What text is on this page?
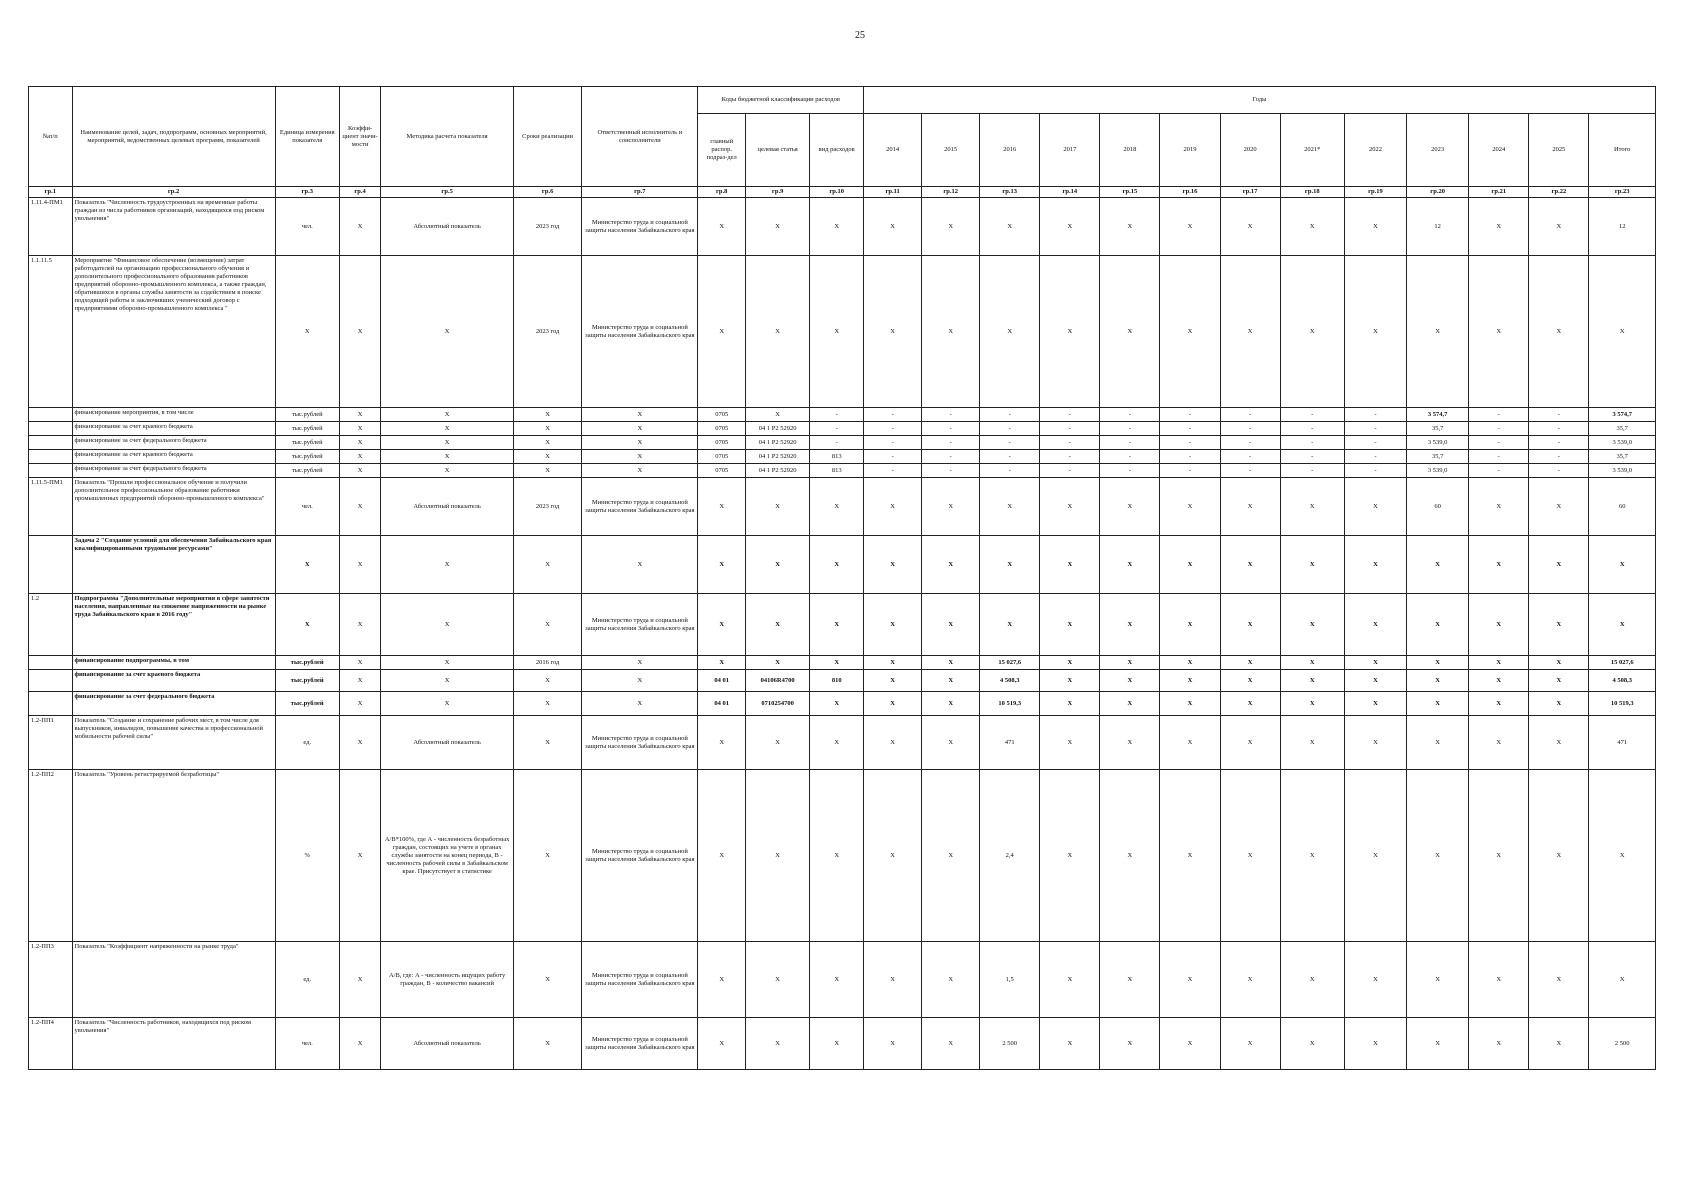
25
№п/п	Наименование целей, задач, подпрограмм, основных мероприятий, мероприятий, ведомственных целевых программ, показателей	Единица измерения показателя	Коэффи-циент значи-мости	Методика расчета показателя	Сроки реализации	Ответственный исполнитель и соисполнители	Коды бюджетной классификации расходов			Годы												
							главный распор. подраз-дел	целевая статья	вид расходов	2014	2015	2016	2017	2018	2019	2020	2021*	2022	2023	2024	2025	Итого
гр.1	гр.2	гр.3	гр.4	гр.5	гр.6	гр.7	гр.8	гр.9	гр.10	гр.11	гр.12	гр.13	гр.14	гр.15	гр.16	гр.17	гр.18	гр.19	гр.20	гр.21	гр.22	гр.23
1.11.4-ПМ1	Показатель "Численность трудоустроенных на временные работы граждан из числа работников организаций, находящихся под риском увольнения"	чел.	Х	Абсолютный показатель	2023 год	Министерство труда и социальной защиты населения Забайкальского края	Х	Х	Х	Х	Х	Х	Х	Х	Х	Х	Х	Х	12	Х	Х	12
1.1.11.5	Мероприятие "Финансовое обеспечение (возмещение) затрат работодателей на организацию профессионального обучения и дополнительного профессионального образования работников предприятий оборонно-промышленного комплекса, а также граждан, обратившихся в органы службы занятости за содействием в поиске подходящей работы и заключивших ученический договор с предприятиями оборонно-промышленного комплекса "	Х	Х	Х	2023 год	Министерство труда и социальной защиты населения Забайкальского края	Х	Х	Х	Х	Х	Х	Х	Х	Х	Х	Х	Х	Х	Х	Х	Х
	финансирование мероприятия, в том числе	тыс.рублей	Х	Х	Х	Х	0705	Х	-	-	-	-	-	-	-	-	-	-	3 574,7	-	-	3 574,7
	финансирование за счет краевого бюджета	тыс.рублей	Х	Х	Х	Х	0705	04 1 Р2 52920	-	-	-	-	-	-	-	-	-	-	35,7	-	-	35,7
	финансирование за счет федерального бюджета	тыс.рублей	Х	Х	Х	Х	0705	04 1 Р2 52920	-	-	-	-	-	-	-	-	-	-	3 539,0	-	-	3 539,0
	финансирование за счет краевого бюджета	тыс.рублей	Х	Х	Х	Х	0705	04 1 Р2 52920	813	-	-	-	-	-	-	-	-	-	35,7	-	-	35,7
	финансирование за счет федерального бюджета	тыс.рублей	Х	Х	Х	Х	0705	04 1 Р2 52920	813	-	-	-	-	-	-	-	-	-	3 539,0	-	-	3 539,0
1.11.5-ПМ1	Показатель "Прошли профессиональное обучение и получили дополнительное профессиональное образование работники промышленных предприятий оборонно-промышленного комплекса"	чел.	Х	Абсолютный показатель	2023 год	Министерство труда и социальной защиты населения Забайкальского края	Х	Х	Х	Х	Х	Х	Х	Х	Х	Х	Х	Х	60	Х	Х	60
	Задача 2 "Создание условий для обеспечения Забайкальского края квалифицированными трудовыми ресурсами"	Х	Х	Х	Х	Х	Х	Х	Х	Х	Х	Х	Х	Х	Х	Х	Х	Х	Х	Х	Х	Х
1.2	Подпрограмма "Дополнительные мероприятия в сфере занятости населения, направленные на снижение напряженности на рынке труда Забайкальского края в 2016 году"	Х	Х	Х	Х	Министерство труда и социальной защиты населения Забайкальского края	Х	Х	Х	Х	Х	Х	Х	Х	Х	Х	Х	Х	Х	Х	Х	Х
	финансирование подпрограммы, в том	тыс.рублей	Х	Х	2016 год	Х	Х	Х	Х	Х	Х	15 027,6	Х	Х	Х	Х	Х	Х	Х	Х	Х	15 027,6
	финансирование за счет краевого бюджета	тыс.рублей	Х	Х	Х	Х	04 01	04106R4700	810	Х	Х	4 508,3	Х	Х	Х	Х	Х	Х	Х	Х	Х	4 508,3
	финансирование за счет федерального бюджета	тыс.рублей	Х	Х	Х	Х	04 01	0710254700	Х	Х	Х	10 519,3	Х	Х	Х	Х	Х	Х	Х	Х	Х	10 519,3
1.2-ПП1	Показатель "Создание и сохранение рабочих мест, в том числе для выпускников, инвалидов, повышение качества и профессиональной мобильности рабочей силы"	ед.	Х	Абсолютный показатель	Х	Министерство труда и социальной защиты населения Забайкальского края	Х	Х	Х	Х	Х	471	Х	Х	Х	Х	Х	Х	Х	Х	Х	471
1.2-ПП2	Показатель "Уровень регистрируемой безработицы"	%	Х	А/В*100%, где А - численность безработных граждан, состоящих на учете в органах службы занятости на конец периода, В - численность рабочей силы в Забайкальском крае. Присутствует в статистике	Х	Министерство труда и социальной защиты населения Забайкальского края	Х	Х	Х	Х	Х	2,4	Х	Х	Х	Х	Х	Х	Х	Х	Х	Х
1.2-ПП3	Показатель "Коэффициент напряженности на рынке труда"	ед.	Х	А/В, где: А - численность ищущих работу граждан, В - количество вакансий	Х	Министерство труда и социальной защиты населения Забайкальского края	Х	Х	Х	Х	Х	1,5	Х	Х	Х	Х	Х	Х	Х	Х	Х	Х
1.2-ПП4	Показатель "Численность работников, находящихся под риском увольнения"	чел.	Х	Абсолютный показатель	Х	Министерство труда и социальной защиты населения Забайкальского края	Х	Х	Х	Х	Х	2 500	Х	Х	Х	Х	Х	Х	Х	Х	Х	2 500
